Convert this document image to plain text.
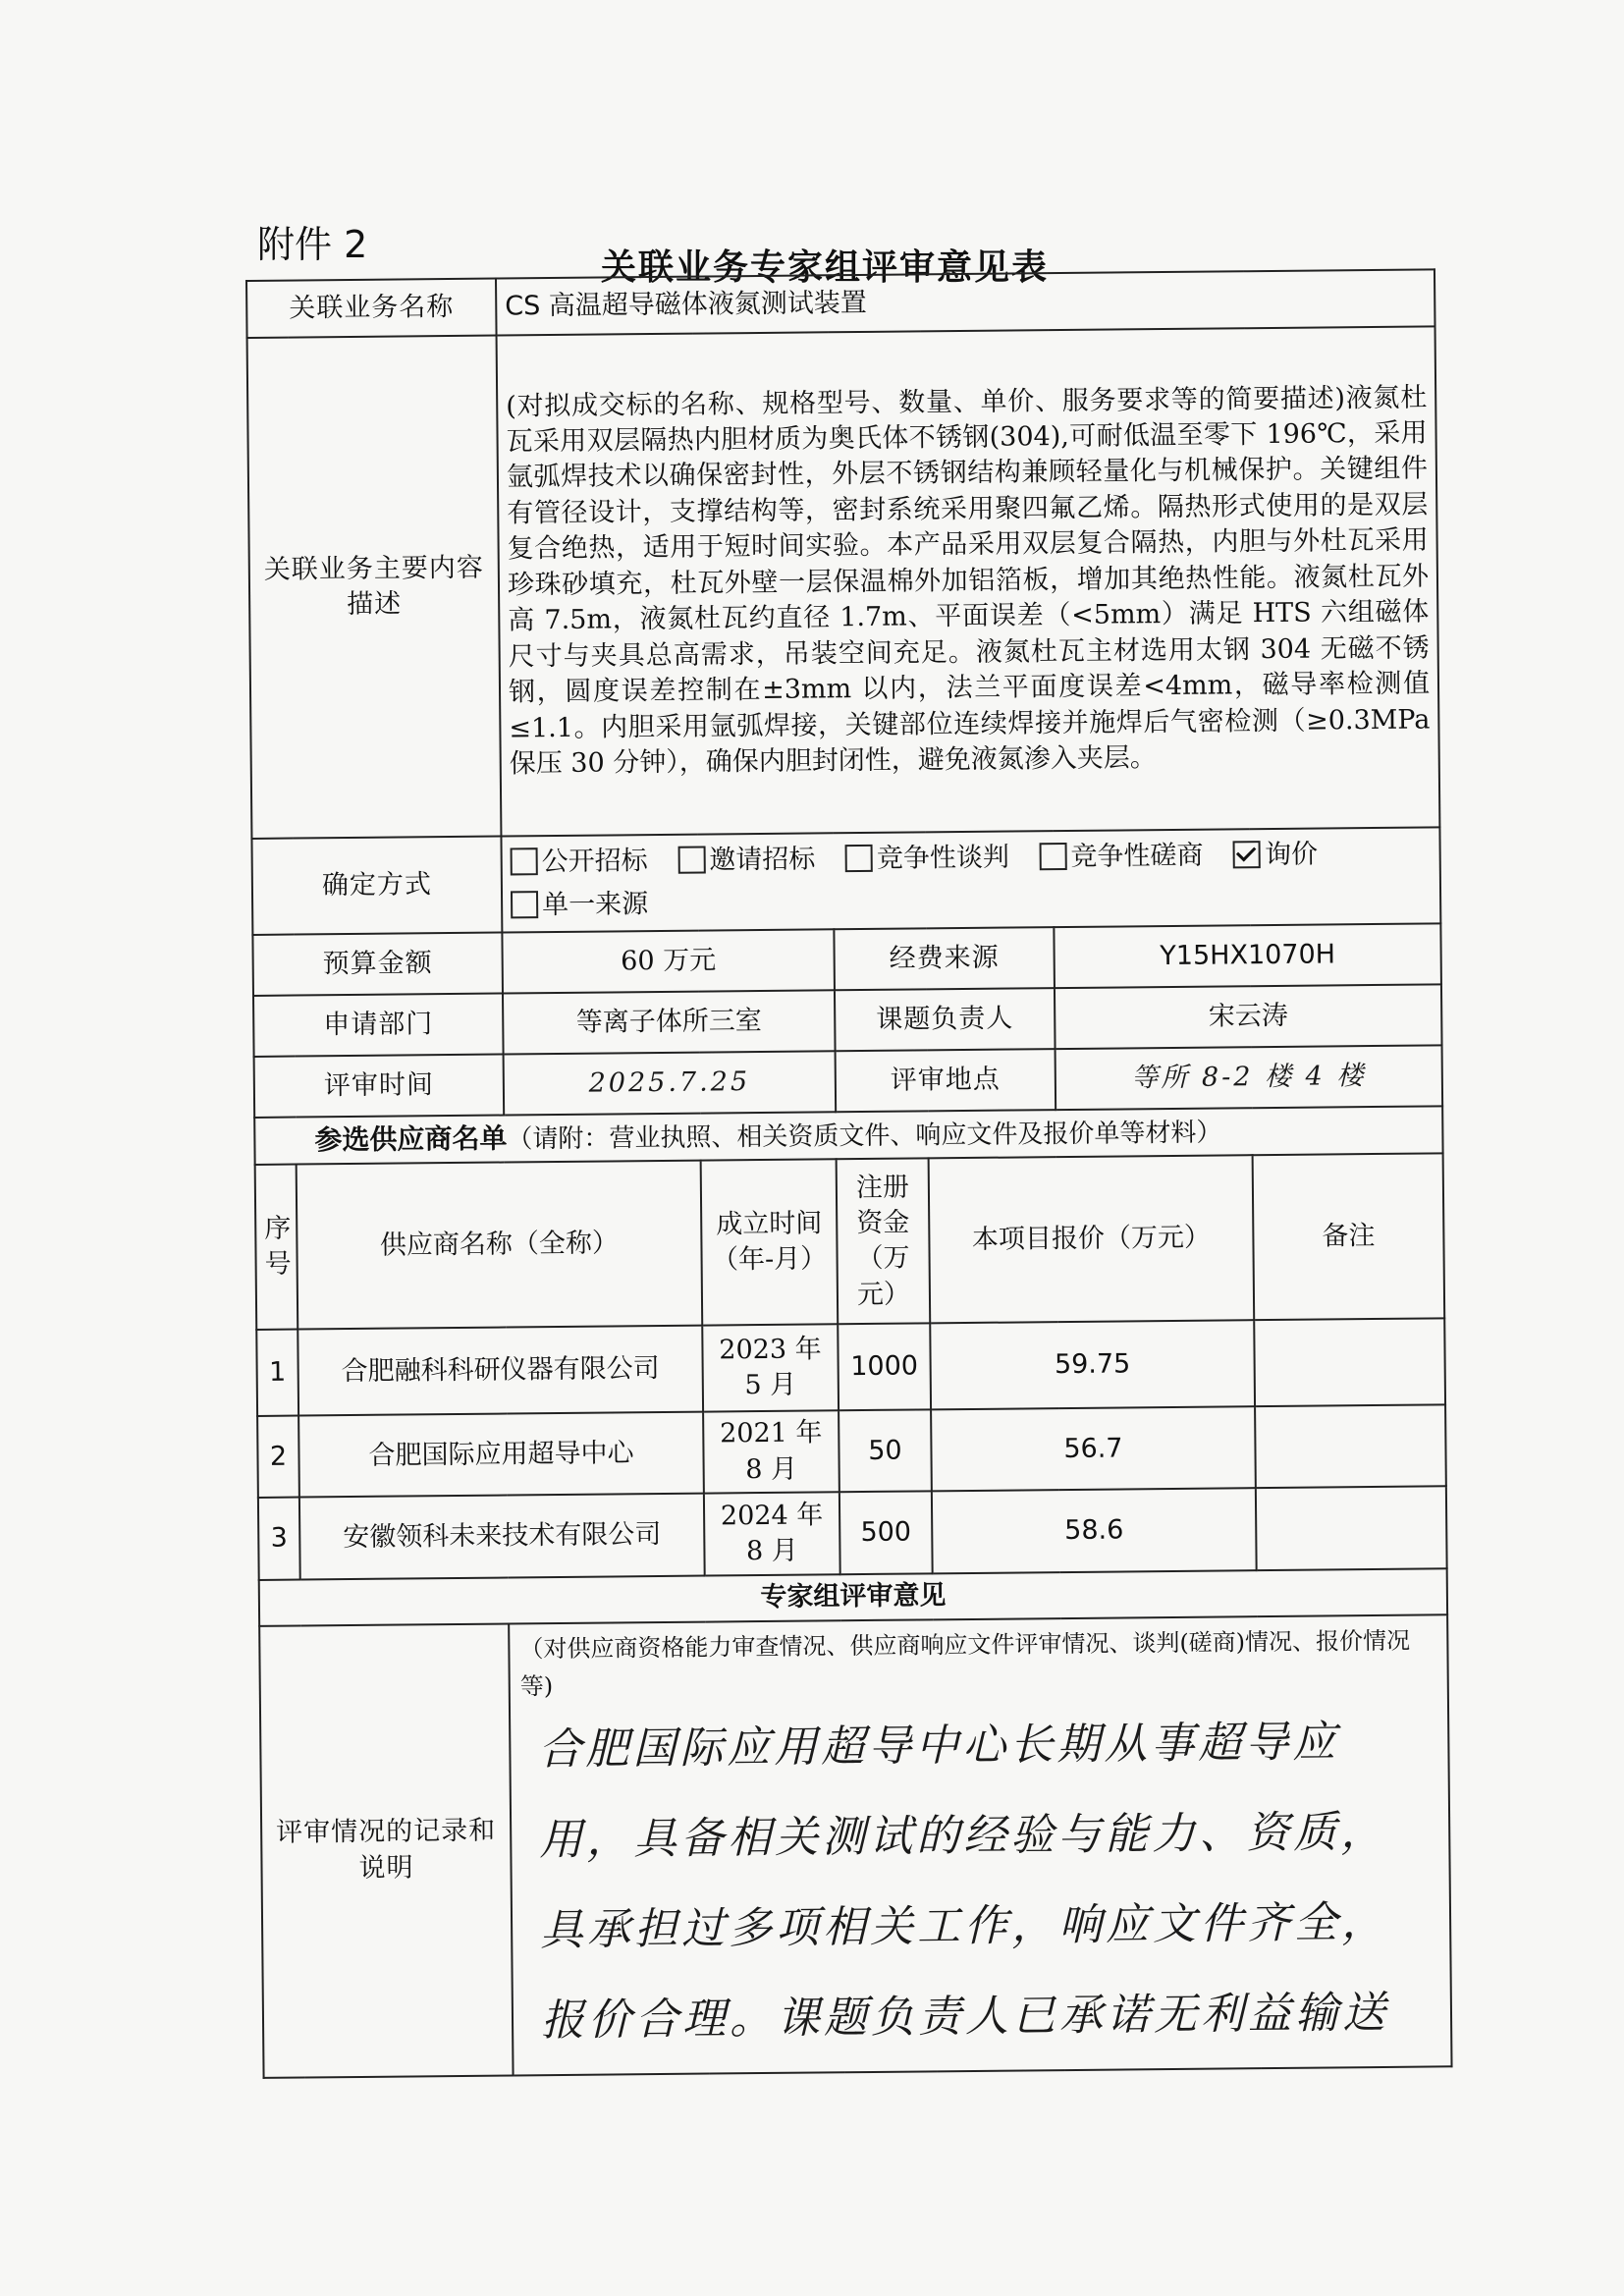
附件 2
关联业务专家组评审意见表
关联业务名称		CS 高温超导磁体液氮测试装置					
关联业务主要内容描述		(对拟成交标的名称、规格型号、数量、单价、服务要求等的简要描述)液氮杜瓦采用双层隔热内胆材质为奥氏体不锈钢(304),可耐低温至零下 196℃，采用氩弧焊技术以确保密封性，外层不锈钢结构兼顾轻量化与机械保护。关键组件有管径设计，支撑结构等，密封系统采用聚四氟乙烯。隔热形式使用的是双层复合绝热，适用于短时间实验。本产品采用双层复合隔热，内胆与外杜瓦采用珍珠砂填充，杜瓦外壁一层保温棉外加铝箔板，增加其绝热性能。液氮杜瓦外高 7.5m，液氮杜瓦约直径 1.7m、平面误差（<5mm）满足 HTS 六组磁体尺寸与夹具总高需求，吊装空间充足。液氮杜瓦主材选用太钢 304 无磁不锈钢，圆度误差控制在±3mm 以内，法兰平面度误差<4mm，磁导率检测值≤1.1。内胆采用氩弧焊接，关键部位连续焊接并施焊后气密检测（≥0.3MPa 保压 30 分钟），确保内胆封闭性，避免液氮渗入夹层。					
确定方式		公开招标 邀请招标 竞争性谈判 竞争性磋商 询价
单一来源					
预算金额		60 万元		经费来源		Y15HX1070H	
申请部门		等离子体所三室		课题负责人		宋云涛	
评审时间		2025.7.25		评审地点		等所 8-2 楼 4 楼	
参选供应商名单（请附：营业执照、相关资质文件、响应文件及报价单等材料）							
序号	供应商名称（全称）		成立时间（年-月）	注册资金（万元）	本项目报价（万元）		备注
1	合肥融科科研仪器有限公司		2023 年 5 月	1000	59.75		
2	合肥国际应用超导中心		2021 年 8 月	50	56.7		
3	安徽领科未来技术有限公司		2024 年 8 月	500	58.6		
专家组评审意见							
评审情况的记录和说明		（对供应商资格能力审查情况、供应商响应文件评审情况、谈判(磋商)情况、报价情况等)
合肥国际应用超导中心长期从事超导应用，具备相关测试的经验与能力、资质，具承担过多项相关工作，响应文件齐全，报价合理。课题负责人已承诺无利益输送					
